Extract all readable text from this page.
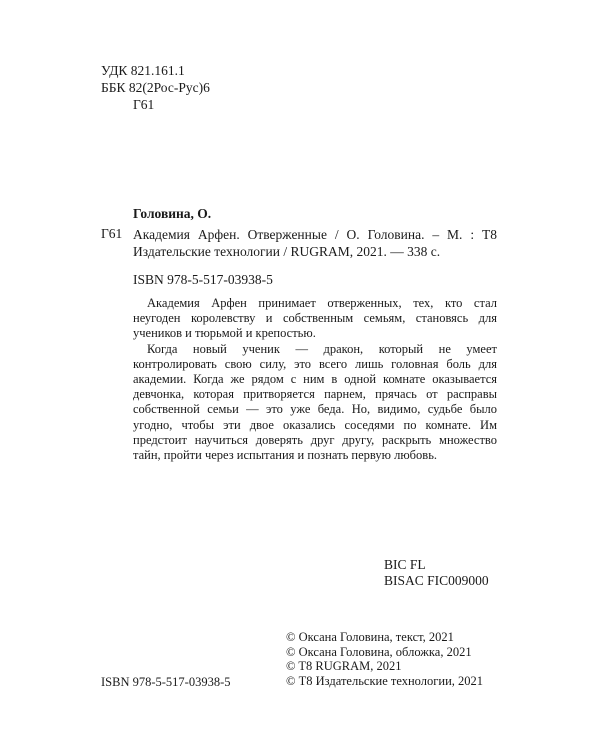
УДК 821.161.1
ББК 82(2Рос-Рус)6
Г61
Головина, О.
Г61 Академия Арфен. Отверженные / О. Головина. – М. : Т8 Издательские технологии / RUGRAM, 2021. — 338 с.
ISBN 978-5-517-03938-5

Академия Арфен принимает отверженных, тех, кто стал неугоден королевству и собственным семьям, становясь для учеников и тюрьмой и крепостью.

Когда новый ученик — дракон, который не умеет контролировать свою силу, это всего лишь головная боль для академии. Когда же рядом с ним в одной комнате оказывается девчонка, которая притворяется парнем, прячась от расправы собственной семьи — это уже беда. Но, видимо, судьбе было угодно, чтобы эти двое оказались соседями по комнате. Им предстоит научиться доверять друг другу, раскрыть множество тайн, пройти через испытания и познать первую любовь.

BIC FL
BISAC FIC009000
ISBN 978-5-517-03938-5
© Оксана Головина, текст, 2021
© Оксана Головина, обложка, 2021
© T8 RUGRAM, 2021
© Т8 Издательские технологии, 2021
